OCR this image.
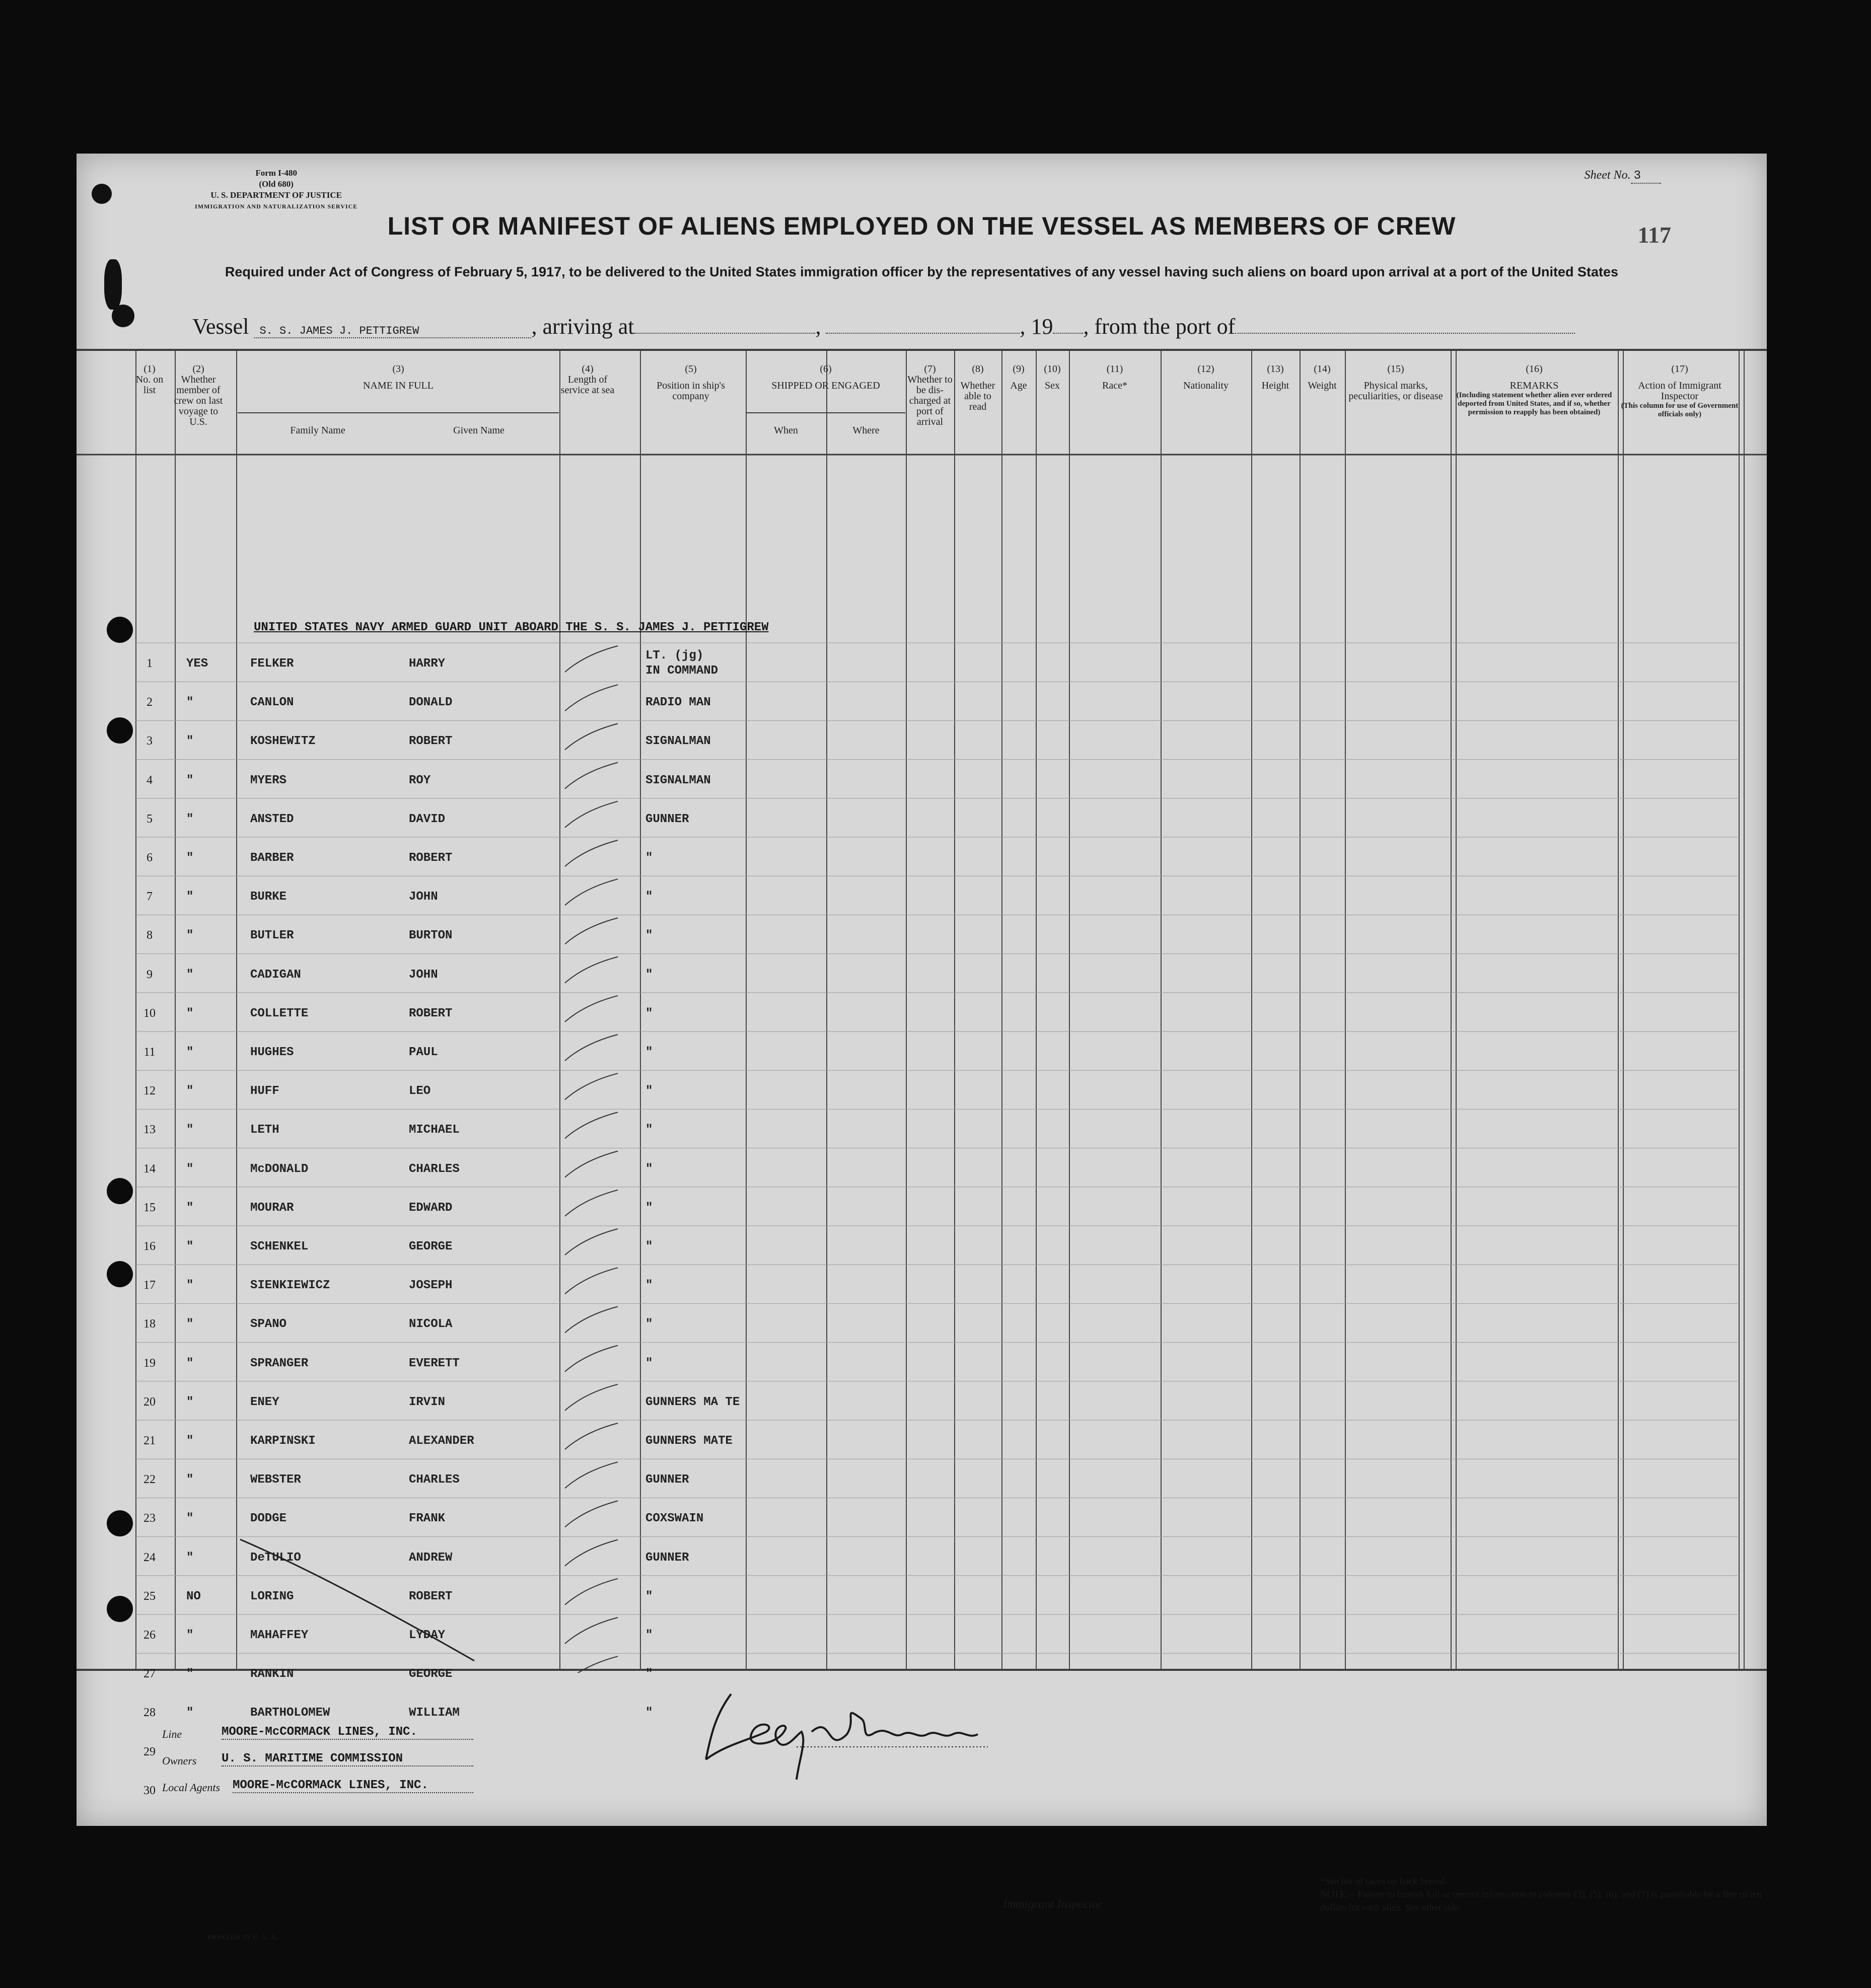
Form I-480
(Old 680)
U. S. DEPARTMENT OF JUSTICE
IMMIGRATION AND NATURALIZATION SERVICE
Sheet No. 3
117
LIST OR MANIFEST OF ALIENS EMPLOYED ON THE VESSEL AS MEMBERS OF CREW
Required under Act of Congress of February 5, 1917, to be delivered to the United States immigration officer by the representatives of any vessel having such aliens on board upon arrival at a port of the United States
Vessel S. S. JAMES J. PETTIGREW	, arriving at	,	, 19 , from the port of
(1)
No. on list
(2)
Whether member of crew on last voyage to U.S.
(3)
NAME IN FULL
Family Name	Given Name
(4)
Length of service at sea
(5)
Position in ship's company
(6)
SHIPPED OR ENGAGED
When	Where
(7)
Whether to be dis-charged at port of arrival
(8)
Whether able to read
(9)
Age
(10)
Sex
(11)
Race*
(12)
Nationality
(13)
Height
(14)
Weight
(15)
Physical marks, peculiarities, or disease
(16)
REMARKS
(Including statement whether alien ever ordered deported from United States, and if so, whether permission to reapply has been obtained)
(17)
Action of Immigrant Inspector
(This column for use of Government officials only)
UNITED STATES NAVY ARMED GUARD UNIT ABOARD THE S. S. JAMES J. PETTIGREW
1	YES	FELKER	HARRY
LT. (jg)
IN COMMAND
2	"	CANLON	DONALD	RADIO MAN
3	"	KOSHEWITZ	ROBERT	SIGNALMAN
4	"	MYERS	ROY	SIGNALMAN
5	"	ANSTED	DAVID	GUNNER
6	"	BARBER	ROBERT	"
7	"	BURKE	JOHN	"
8	"	BUTLER	BURTON	"
9	"	CADIGAN	JOHN	"
10	"	COLLETTE	ROBERT	"
11	"	HUGHES	PAUL	"
12	"	HUFF	LEO	"
13	"	LETH	MICHAEL	"
14	"	McDONALD	CHARLES	"
15	"	MOURAR	EDWARD	"
16	"	SCHENKEL	GEORGE	"
17	"	SIENKIEWICZ	JOSEPH	"
18	"	SPANO	NICOLA	"
19	"	SPRANGER	EVERETT	"
20	"	ENEY	IRVIN	GUNNERS MA TE
21	"	KARPINSKI	ALEXANDER	GUNNERS MATE
22	"	WEBSTER	CHARLES	GUNNER
23	"	DODGE	FRANK	COXSWAIN
24	"	DeTULIO	ANDREW	GUNNER
25	NO	LORING	ROBERT	"
26	"	MAHAFFEY	LYDAY	"
27	"	RANKIN	GEORGE	"
28	"	BARTHOLOMEW	WILLIAM	"
29
30
Line	MOORE-McCORMACK LINES, INC.
Owners U. S. MARITIME COMMISSION
Local Agents MOORE-McCORMACK LINES, INC.
Immigrant Inspector
*See list of races on back hereof.
NOTE.—Failure to furnish full or correct information in columns (3), (5), (6), and (7) is punishable by a fine of ten dollars for each alien. See other side.
PRINTED IN U. S. A.
